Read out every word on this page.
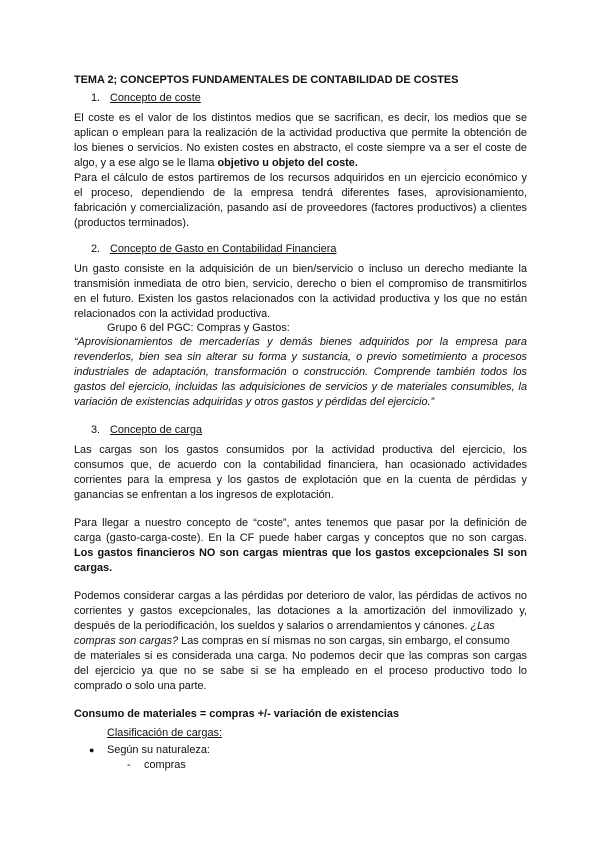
TEMA 2; CONCEPTOS FUNDAMENTALES DE CONTABILIDAD DE COSTES
1. Concepto de coste
El coste es el valor de los distintos medios que se sacrifican, es decir, los medios que se
aplican o emplean para la realización de la actividad productiva que permite la obtención de
los bienes o servicios. No existen costes en abstracto, el coste siempre va a ser el coste de
algo, y a ese algo se le llama objetivo u objeto del coste.
Para el cálculo de estos partiremos de los recursos adquiridos en un ejercicio económico y
el proceso, dependiendo de la empresa tendrá diferentes fases, aprovisionamiento,
fabricación y comercialización, pasando así de proveedores (factores productivos) a clientes
(productos terminados).
2. Concepto de Gasto en Contabilidad Financiera
Un gasto consiste en la adquisición de un bien/servicio o incluso un derecho mediante la
transmisión inmediata de otro bien, servicio, derecho o bien el compromiso de transmitirlos
en el futuro. Existen los gastos relacionados con la actividad productiva y los que no están
relacionados con la actividad productiva.
Grupo 6 del PGC: Compras y Gastos:
“Aprovisionamientos de mercaderías y demás bienes adquiridos por la empresa para
revenderlos, bien sea sin alterar su forma y sustancia, o previo sometimiento a procesos
industriales de adaptación, transformación o construcción. Comprende también todos los
gastos del ejercicio, incluidas las adquisiciones de servicios y de materiales consumibles, la
variación de existencias adquiridas y otros gastos y pérdidas del ejercicio.”
3. Concepto de carga
Las cargas son los gastos consumidos por la actividad productiva del ejercicio, los
consumos que, de acuerdo con la contabilidad financiera, han ocasionado actividades
corrientes para la empresa y los gastos de explotación que en la cuenta de pérdidas y
ganancias se enfrentan a los ingresos de explotación.
Para llegar a nuestro concepto de “coste”, antes tenemos que pasar por la definición de
carga (gasto-carga-coste). En la CF puede haber cargas y conceptos que no son cargas.
Los gastos financieros NO son cargas mientras que los gastos excepcionales SI son
cargas.
Podemos considerar cargas a las pérdidas por deterioro de valor, las pérdidas de activos no
corrientes y gastos excepcionales, las dotaciones a la amortización del inmovilizado y,
después de la periodificación, los sueldos y salarios o arrendamientos y cánones. ¿Las
compras son cargas? Las compras en sí mismas no son cargas, sin embargo, el consumo
de materiales si es considerada una carga. No podemos decir que las compras son cargas
del ejercicio ya que no se sabe si se ha empleado en el proceso productivo todo lo
comprado o solo una parte.
Consumo de materiales = compras +/- variación de existencias
Clasificación de cargas:
● Según su naturaleza:
- compras
